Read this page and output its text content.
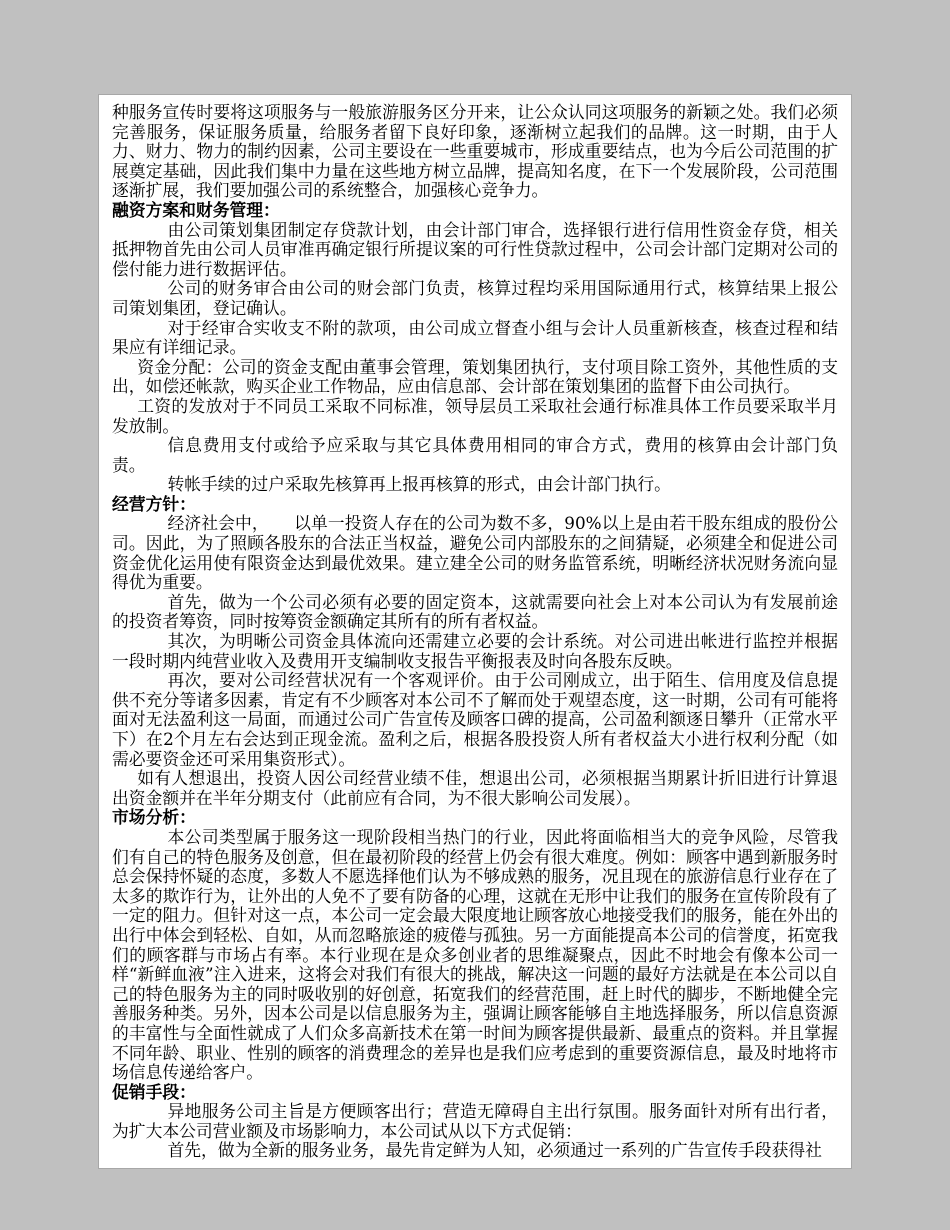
种服务宣传时要将这项服务与一般旅游服务区分开来，让公众认同这项服务的新颖之处。我们必须完善服务，保证服务质量，给服务者留下良好印象，逐渐树立起我们的品牌。这一时期，由于人力、财力、物力的制约因素，公司主要设在一些重要城市，形成重要结点，也为今后公司范围的扩展奠定基础，因此我们集中力量在这些地方树立品牌，提高知名度，在下一个发展阶段，公司范围逐渐扩展，我们要加强公司的系统整合，加强核心竞争力。

融资方案和财务管理：

由公司策划集团制定存贷款计划，由会计部门审合，选择银行进行信用性资金存贷，相关抵押物首先由公司人员审准再确定银行所提议案的可行性贷款过程中，公司会计部门定期对公司的偿付能力进行数据评估。

公司的财务审合由公司的财会部门负责，核算过程均采用国际通用行式，核算结果上报公司策划集团，登记确认。

对于经审合实收支不附的款项，由公司成立督查小组与会计人员重新核查，核查过程和结果应有详细记录。

资金分配：公司的资金支配由董事会管理，策划集团执行，支付项目除工资外，其他性质的支出，如偿还帐款，购买企业工作物品，应由信息部、会计部在策划集团的监督下由公司执行。

工资的发放对于不同员工采取不同标准，领导层员工采取社会通行标准具体工作员要采取半月发放制。

信息费用支付或给予应采取与其它具体费用相同的审合方式，费用的核算由会计部门负责。

转帐手续的过户采取先核算再上报再核算的形式，由会计部门执行。

经营方针：

经济社会中，　　以单一投资人存在的公司为数不多，90%以上是由若干股东组成的股份公司。因此，为了照顾各股东的合法正当权益，避免公司内部股东的之间猜疑，必须建全和促进公司资金优化运用使有限资金达到最优效果。建立建全公司的财务监管系统，明晰经济状况财务流向显得优为重要。

首先，做为一个公司必须有必要的固定资本，这就需要向社会上对本公司认为有发展前途的投资者筹资，同时按筹资金额确定其所有的所有者权益。

其次，为明晰公司资金具体流向还需建立必要的会计系统。对公司进出帐进行监控并根据一段时期内纯营业收入及费用开支编制收支报告平衡报表及时向各股东反映。

再次，要对公司经营状况有一个客观评价。由于公司刚成立，出于陌生、信用度及信息提供不充分等诸多因素，肯定有不少顾客对本公司不了解而处于观望态度，这一时期，公司有可能将面对无法盈利这一局面，而通过公司广告宣传及顾客口碑的提高，公司盈利额逐日攀升（正常水平下）在2个月左右会达到正现金流。盈利之后，根据各股投资人所有者权益大小进行权利分配（如需必要资金还可采用集资形式）。

如有人想退出，投资人因公司经营业绩不佳，想退出公司，必须根据当期累计折旧进行计算退出资金额并在半年分期支付（此前应有合同，为不很大影响公司发展）。

市场分析：

本公司类型属于服务这一现阶段相当热门的行业，因此将面临相当大的竞争风险，尽管我们有自己的特色服务及创意，但在最初阶段的经营上仍会有很大难度。例如：顾客中遇到新服务时总会保持怀疑的态度，多数人不愿选择他们认为不够成熟的服务，况且现在的旅游信息行业存在了太多的欺诈行为，让外出的人免不了要有防备的心理，这就在无形中让我们的服务在宣传阶段有了一定的阻力。但针对这一点，本公司一定会最大限度地让顾客放心地接受我们的服务，能在外出的出行中体会到轻松、自如，从而忽略旅途的疲倦与孤独。另一方面能提高本公司的信誉度，拓宽我们的顾客群与市场占有率。本行业现在是众多创业者的思维凝聚点，因此不时地会有像本公司一样“新鲜血液”注入进来，这将会对我们有很大的挑战，解决这一问题的最好方法就是在本公司以自己的特色服务为主的同时吸收别的好创意，拓宽我们的经营范围，赶上时代的脚步，不断地健全完善服务种类。另外，因本公司是以信息服务为主，强调让顾客能够自主地选择服务，所以信息资源的丰富性与全面性就成了人们众多高新技术在第一时间为顾客提供最新、最重点的资料。并且掌握不同年龄、职业、性别的顾客的消费理念的差异也是我们应考虑到的重要资源信息，最及时地将市场信息传递给客户。

促销手段：

异地服务公司主旨是方便顾客出行；营造无障碍自主出行氛围。服务面针对所有出行者，为扩大本公司营业额及市场影响力，本公司试从以下方式促销：

首先，做为全新的服务业务，最先肯定鲜为人知，必须通过一系列的广告宣传手段获得社
